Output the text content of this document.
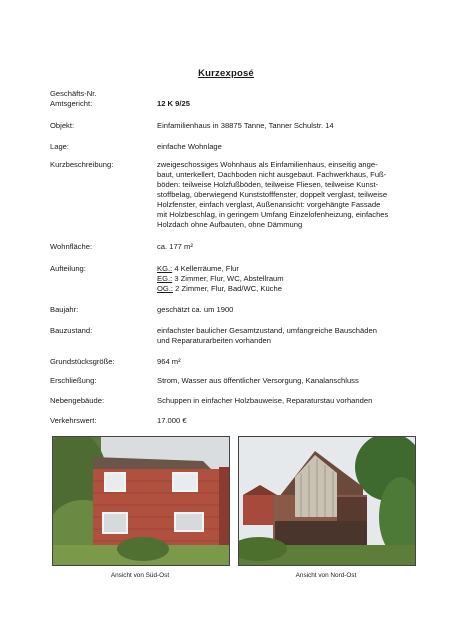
Kurzexposé
Geschäfts-Nr.
Amtsgericht:	12 K 9/25
Objekt:	Einfamilienhaus in 38875 Tanne, Tanner Schulstr. 14
Lage:	einfache Wohnlage
Kurzbeschreibung:	zweigeschossiges Wohnhaus als Einfamilienhaus, einseitig ange-
baut, unterkellert, Dachboden nicht ausgebaut. Fachwerkhaus, Fuß-
böden: teilweise Holzfußböden, teilweise Fliesen, teilweise Kunst-
stoffbelag, überwiegend Kunststofffenster, doppelt verglast, teilweise
Holzfenster, einfach verglast, Außenansicht: vorgehängte Fassade
mit Holzbeschlag, in geringem Umfang Einzelofenheizung, einfaches
Holzdach ohne Aufbauten, ohne Dämmung
Wohnfläche:	ca. 177 m²
Aufteilung:	KG.: 4 Kellerräume, Flur
EG.: 3 Zimmer, Flur, WC, Abstellraum
OG.: 2 Zimmer, Flur, Bad/WC, Küche
Baujahr:	geschätzt ca. um 1900
Bauzustand:	einfachster baulicher Gesamtzustand, umfangreiche Bauschäden
und Reparaturarbeiten vorhanden
Grundstücksgröße:	964 m²
Erschließung:	Strom, Wasser aus öffentlicher Versorgung, Kanalanschluss
Nebengebäude:	Schuppen in einfacher Holzbauweise, Reparaturstau vorhanden
Verkehrswert:	17.000 €
Ansicht von Süd-Ost	Ansicht von Nord-Ost
